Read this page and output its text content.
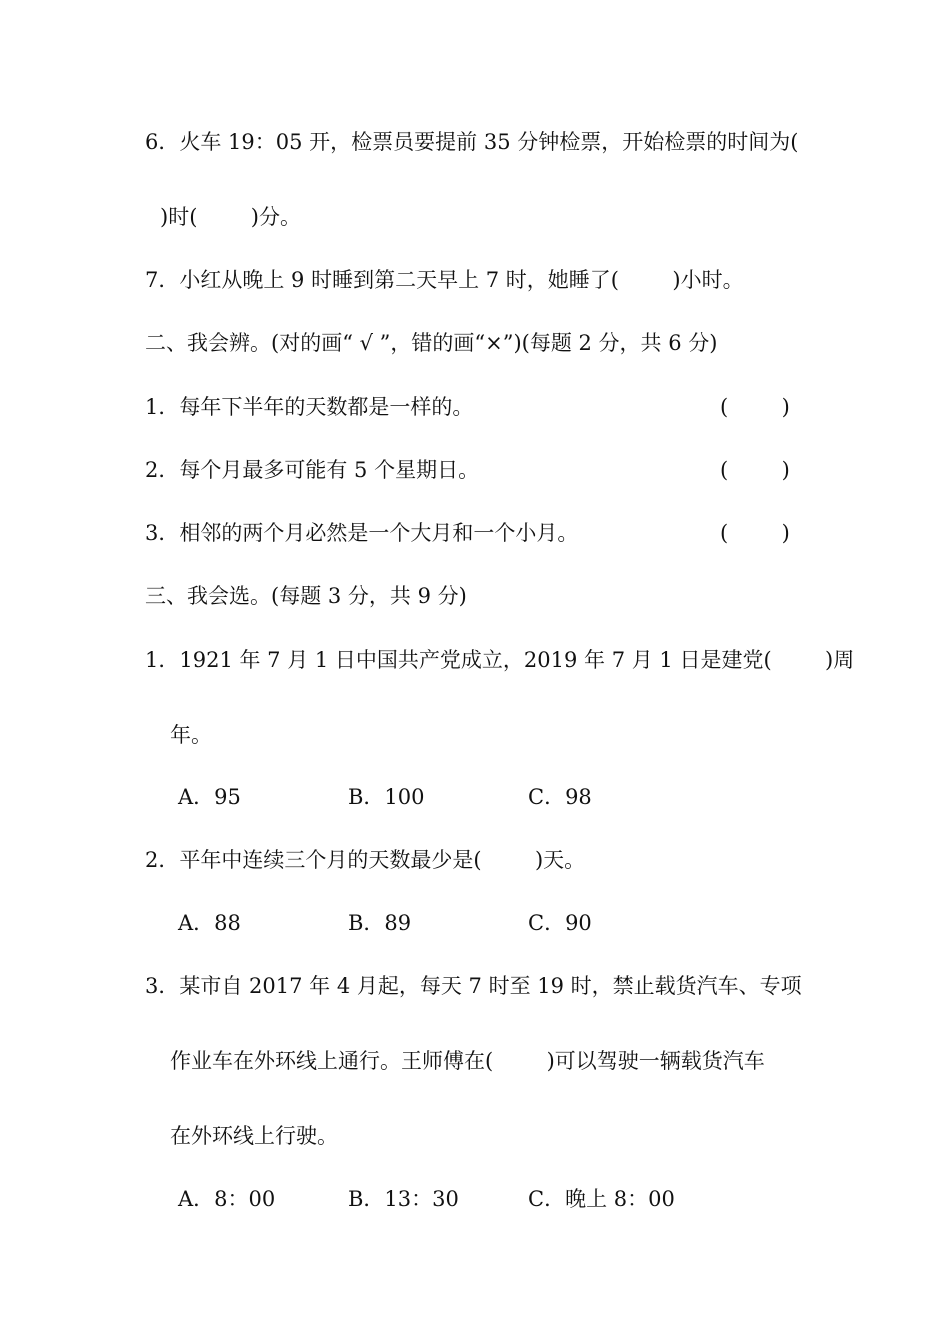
6．火车 19：05 开，检票员要提前 35 分钟检票，开始检票的时间为(

)时(        )分。

7．小红从晚上 9 时睡到第二天早上 7 时，她睡了(        )小时。

二、我会辨。(对的画“ √ ”，错的画“×”)(每题 2 分，共 6 分)

1．每年下半年的天数都是一样的。	(        )

2．每个月最多可能有 5 个星期日。	(        )

3．相邻的两个月必然是一个大月和一个小月。	(        )

三、我会选。(每题 3 分，共 9 分)

1．1921 年 7 月 1 日中国共产党成立，2019 年 7 月 1 日是建党(        )周

年。

A．95	B．100	C．98

2．平年中连续三个月的天数最少是(        )天。

A．88	B．89	C．90

3．某市自 2017 年 4 月起，每天 7 时至 19 时，禁止载货汽车、专项

作业车在外环线上通行。王师傅在(        )可以驾驶一辆载货汽车

在外环线上行驶。

A．8：00	B．13：30	C．晚上 8：00
